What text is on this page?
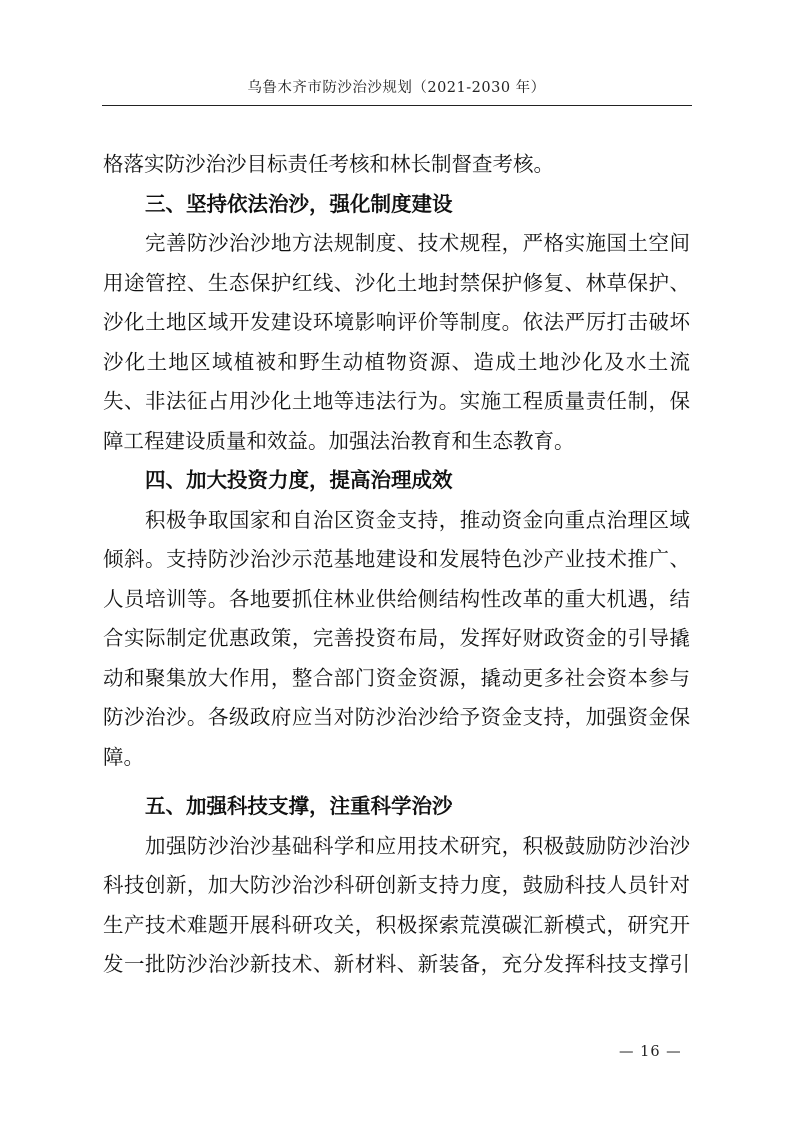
乌鲁木齐市防沙治沙规划（2021-2030 年）
格落实防沙治沙目标责任考核和林长制督查考核。
三、坚持依法治沙，强化制度建设
完善防沙治沙地方法规制度、技术规程，严格实施国土空间
用途管控、生态保护红线、沙化土地封禁保护修复、林草保护、
沙化土地区域开发建设环境影响评价等制度。依法严厉打击破坏
沙化土地区域植被和野生动植物资源、造成土地沙化及水土流
失、非法征占用沙化土地等违法行为。实施工程质量责任制，保
障工程建设质量和效益。加强法治教育和生态教育。
四、加大投资力度，提高治理成效
积极争取国家和自治区资金支持，推动资金向重点治理区域
倾斜。支持防沙治沙示范基地建设和发展特色沙产业技术推广、
人员培训等。各地要抓住林业供给侧结构性改革的重大机遇，结
合实际制定优惠政策，完善投资布局，发挥好财政资金的引导撬
动和聚集放大作用，整合部门资金资源，撬动更多社会资本参与
防沙治沙。各级政府应当对防沙治沙给予资金支持，加强资金保
障。
五、加强科技支撑，注重科学治沙
加强防沙治沙基础科学和应用技术研究，积极鼓励防沙治沙
科技创新，加大防沙治沙科研创新支持力度，鼓励科技人员针对
生产技术难题开展科研攻关，积极探索荒漠碳汇新模式，研究开
发一批防沙治沙新技术、新材料、新装备，充分发挥科技支撑引
— 16 —
